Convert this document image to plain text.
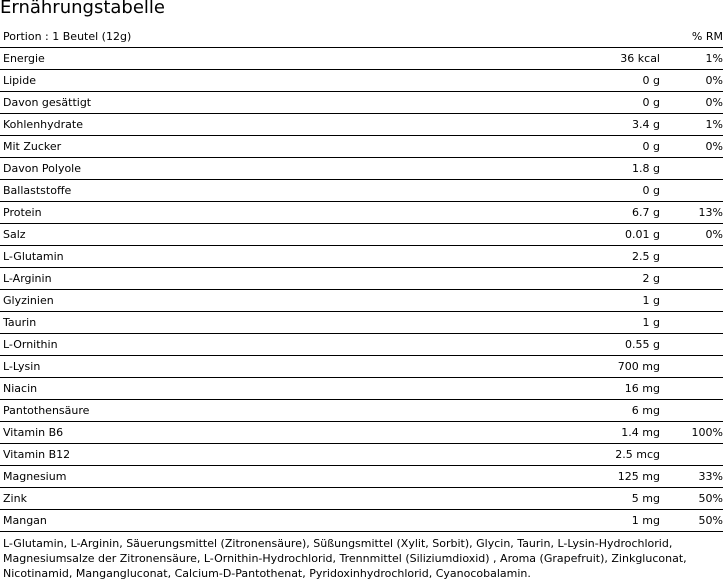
Ernährungstabelle
Portion : 1 Beutel (12g)		% RM
Energie	36 kcal	1%
Lipide	0 g	0%
Davon gesättigt	0 g	0%
Kohlenhydrate	3.4 g	1%
Mit Zucker	0 g	0%
Davon Polyole	1.8 g	
Ballaststoffe	0 g	
Protein	6.7 g	13%
Salz	0.01 g	0%
L-Glutamin	2.5 g	
L-Arginin	2 g	
Glyzinien	1 g	
Taurin	1 g	
L-Ornithin	0.55 g	
L-Lysin	700 mg	
Niacin	16 mg	
Pantothensäure	6 mg	
Vitamin B6	1.4 mg	100%
Vitamin B12	2.5 mcg	
Magnesium	125 mg	33%
Zink	5 mg	50%
Mangan	1 mg	50%
L-Glutamin, L-Arginin, Säuerungsmittel (Zitronensäure), Süßungsmittel (Xylit, Sorbit), Glycin, Taurin, L-Lysin-Hydrochlorid, Magnesiumsalze der Zitronensäure, L-Ornithin-Hydrochlorid, Trennmittel (Siliziumdioxid) , Aroma (Grapefruit), Zinkgluconat, Nicotinamid, Mangangluconat, Calcium-D-Pantothenat, Pyridoxinhydrochlorid, Cyanocobalamin.
